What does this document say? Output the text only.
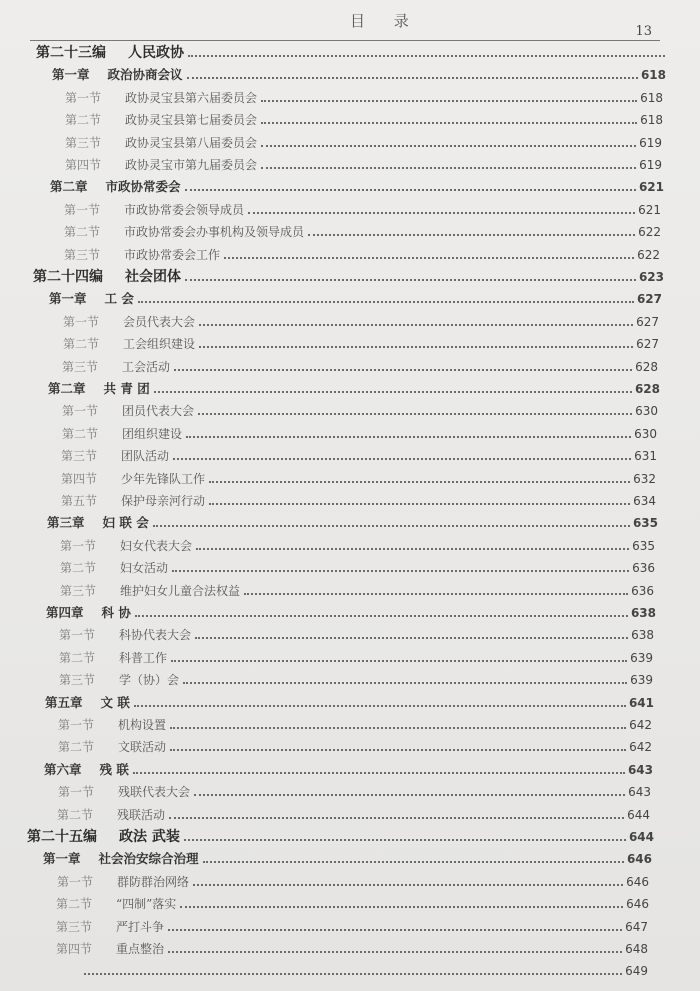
目 录
13
第二十三编	人民政协
第一章	政治协商会议	618
第一节	政协灵宝县第六届委员会	618
第二节	政协灵宝县第七届委员会	618
第三节	政协灵宝县第八届委员会	619
第四节	政协灵宝市第九届委员会	619
第二章	市政协常委会	621
第一节	市政协常委会领导成员	621
第二节	市政协常委会办事机构及领导成员	622
第三节	市政协常委会工作	622
第二十四编	社会团体	623
第一章	工 会	627
第一节	会员代表大会	627
第二节	工会组织建设	627
第三节	工会活动	628
第二章	共 青 团	628
第一节	团员代表大会	630
第二节	团组织建设	630
第三节	团队活动	631
第四节	少年先锋队工作	632
第五节	保护母亲河行动	634
第三章	妇 联 会	635
第一节	妇女代表大会	635
第二节	妇女活动	636
第三节	维护妇女儿童合法权益	636
第四章	科 协	638
第一节	科协代表大会	638
第二节	科普工作	639
第三节	学（协）会	639
第五章	文 联	641
第一节	机构设置	642
第二节	文联活动	642
第六章	残 联	643
第一节	残联代表大会	643
第二节	残联活动	644
第二十五编	政法 武装	644
第一章	社会治安综合治理	646
第一节	群防群治网络	646
第二节	“四制”落实	646
第三节	严打斗争	647
第四节	重点整治	648
649
